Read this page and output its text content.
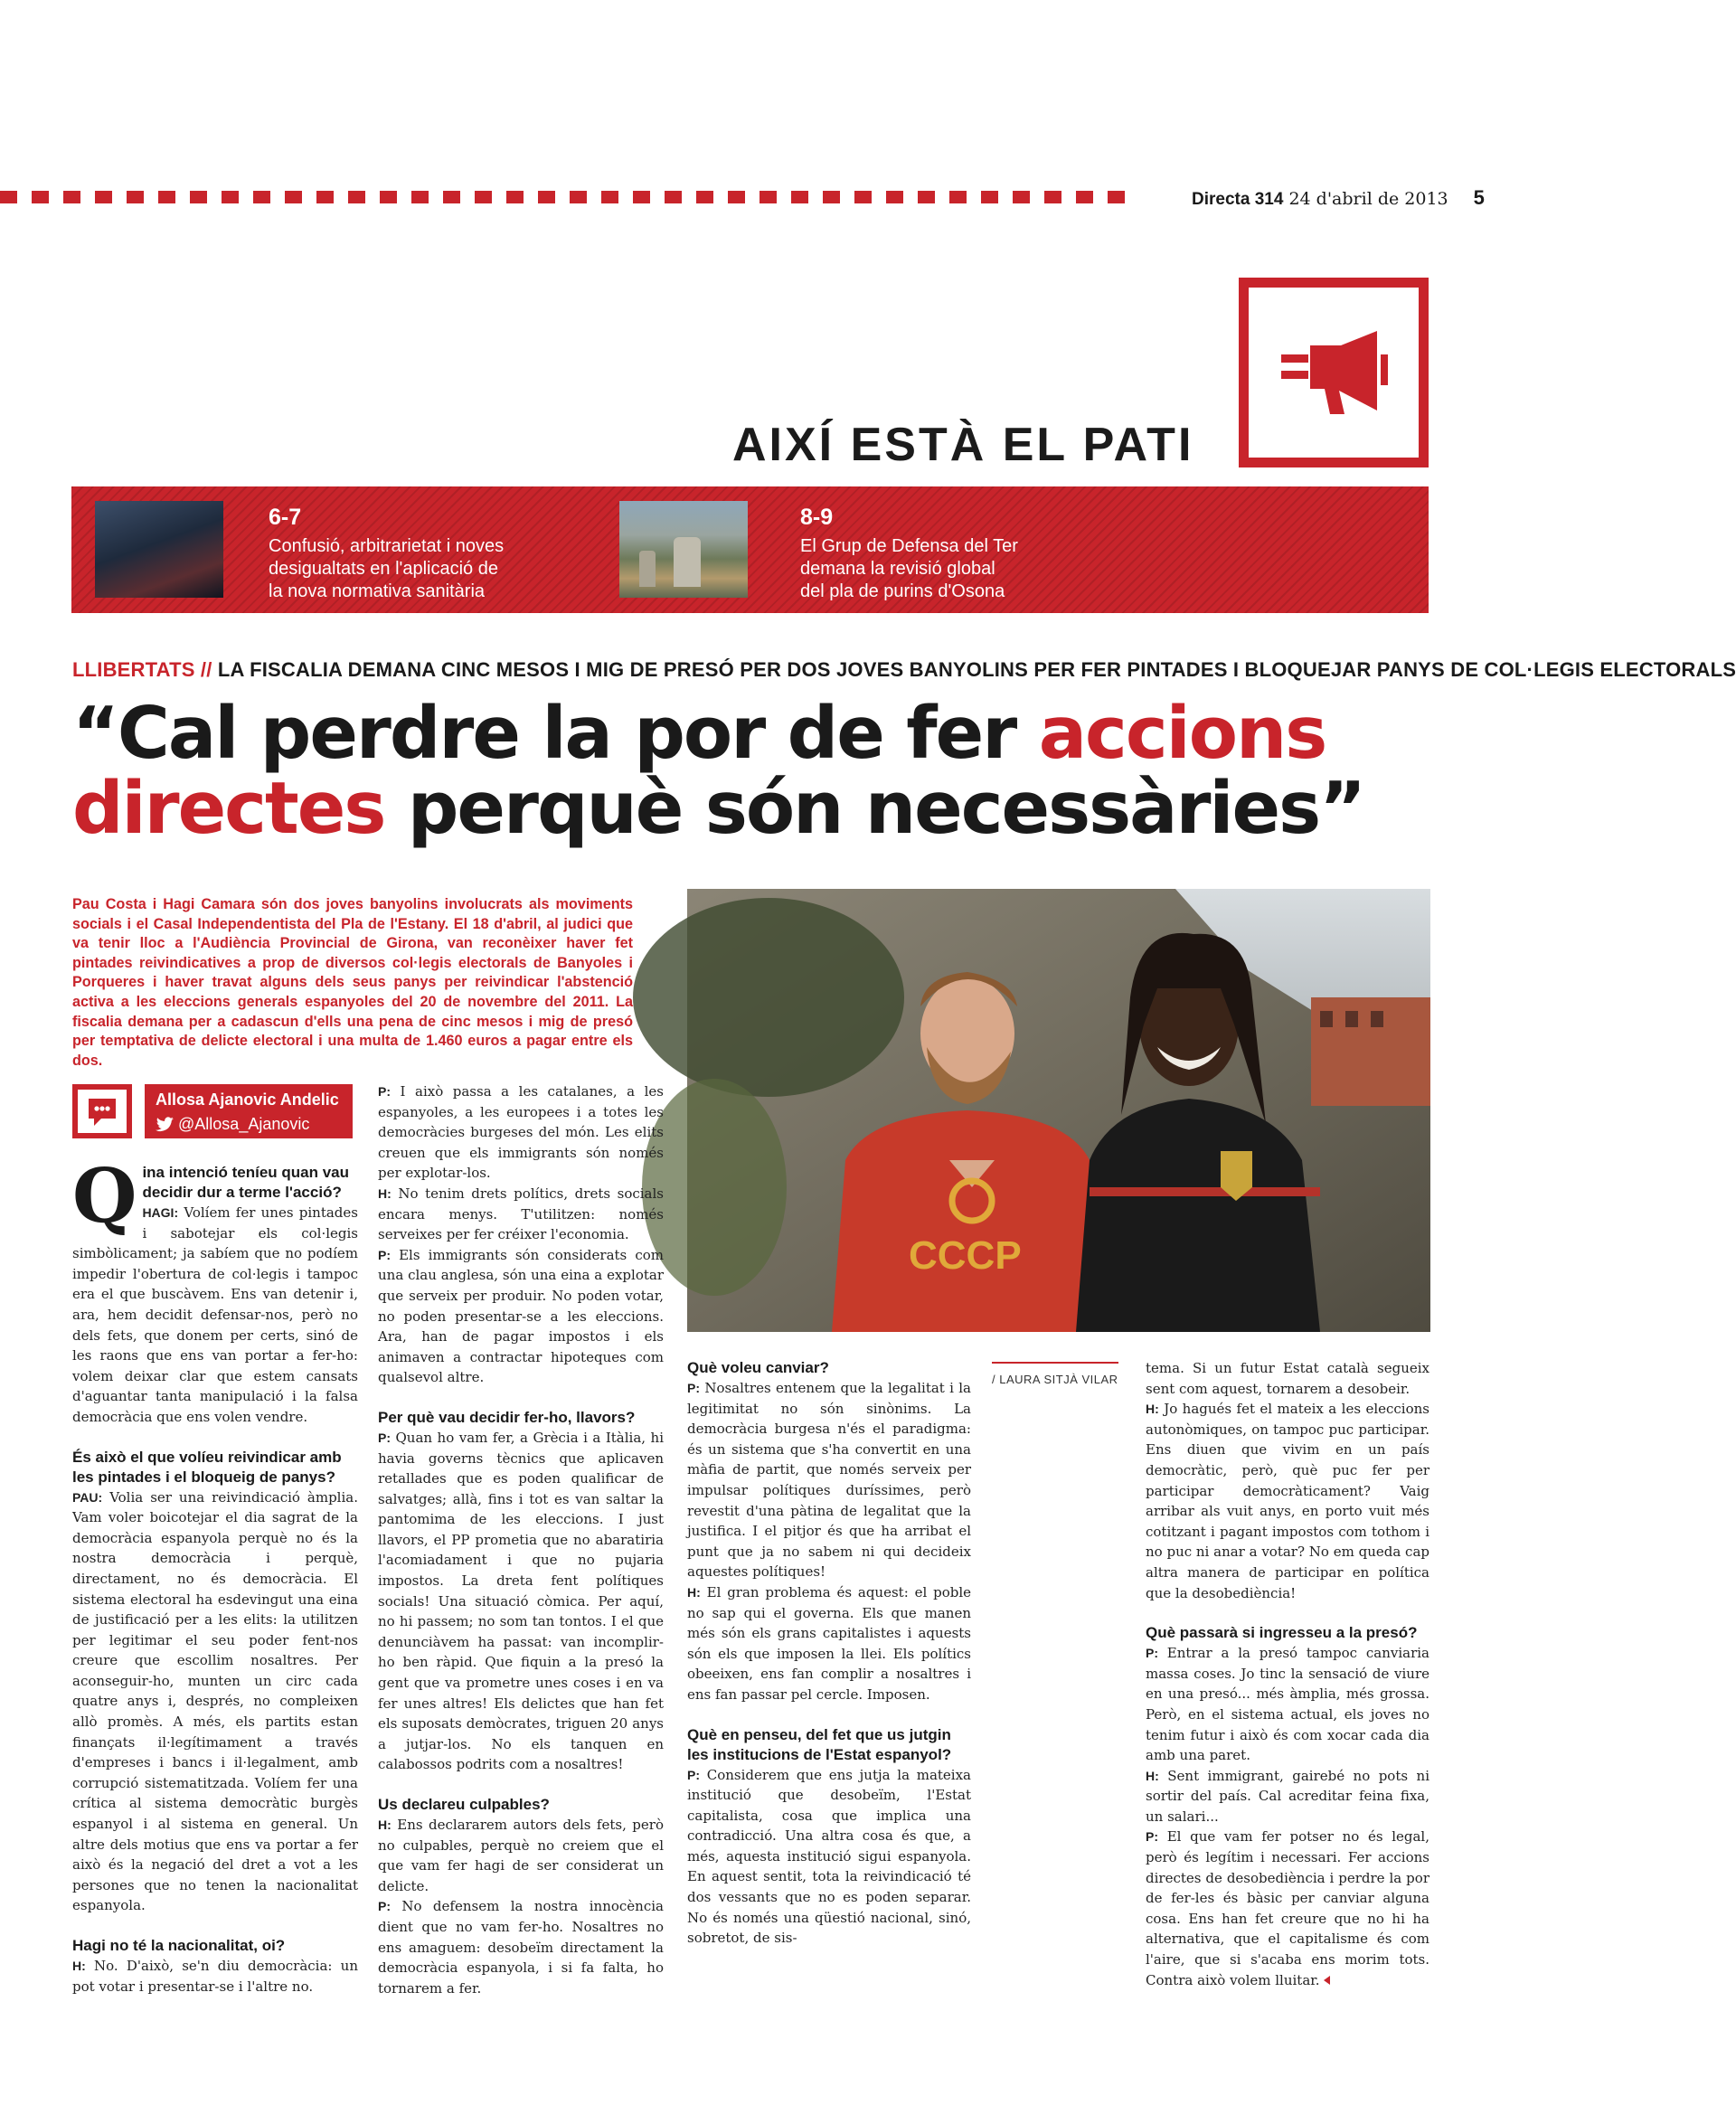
Directa 314 24 d'abril de 2013 5
AIXÍ ESTÀ EL PATI
6-7
Confusió, arbitrarietat i noves
desigualtats en l'aplicació de
la nova normativa sanitària
8-9
El Grup de Defensa del Ter
demana la revisió global
del pla de purins d'Osona
LLIBERTATS // LA FISCALIA DEMANA CINC MESOS I MIG DE PRESÓ PER DOS JOVES BANYOLINS PER FER PINTADES I BLOQUEJAR PANYS DE COL·LEGIS ELECTORALS
“Cal perdre la por de fer accions
directes perquè són necessàries”

Pau Costa i Hagi Camara són dos joves banyolins involucrats als moviments socials i el Casal Independentista del Pla de l'Estany. El 18 d'abril, al judici que va tenir lloc a l'Audiència Provincial de Girona, van reconèixer haver fet pintades reivindicatives a prop de diversos col·legis electorals de Banyoles i Porqueres i haver travat alguns dels seus panys per reivindicar l'abstenció activa a les eleccions generals espanyoles del 20 de novembre del 2011. La fiscalia demana per a cadascun d'ells una pena de cinc mesos i mig de presó per temptativa de delicte electoral i una multa de 1.460 euros a pagar entre els dos.

CCCP
/ LAURA SITJÀ VILAR
Allosa Ajanovic Andelic
@Allosa_Ajanovic
Q ina intenció teníeu quan vau decidir dur a terme l'acció?

HAGI: Volíem fer unes pintades i sabotejar els col·legis simbòlicament; ja sabíem que no podíem impedir l'obertura de col·legis i tampoc era el que buscàvem. Ens van detenir i, ara, hem decidit defensar-nos, però no dels fets, que donem per certs, sinó de les raons que ens van portar a fer-ho: volem deixar clar que estem cansats d'aguantar tanta manipulació i la falsa democràcia que ens volen vendre.

És això el que volíeu reivindicar amb les pintades i el bloqueig de panys?

PAU: Volia ser una reivindicació àmplia. Vam voler boicotejar el dia sagrat de la democràcia espanyola perquè no és la nostra democràcia i perquè, directament, no és democràcia. El sistema electoral ha esdevingut una eina de justificació per a les elits: la utilitzen per legitimar el seu poder fent-nos creure que escollim nosaltres. Per aconseguir-ho, munten un circ cada quatre anys i, després, no compleixen allò promès. A més, els partits estan finançats il·legítimament a través d'empreses i bancs i il·legalment, amb corrupció sistematitzada. Volíem fer una crítica al sistema democràtic burgès espanyol i al sistema en general. Un altre dels motius que ens va portar a fer això és la negació del dret a vot a les persones que no tenen la nacionalitat espanyola.

Hagi no té la nacionalitat, oi?

H: No. D'això, se'n diu democràcia: un pot votar i presentar-se i l'altre no.

P: I això passa a les catalanes, a les espanyoles, a les europees i a totes les democràcies burgeses del món. Les elits creuen que els immigrants són només per explotar-los.

H: No tenim drets polítics, drets socials encara menys. T'utilitzen: només serveixes per fer créixer l'economia.

P: Els immigrants són considerats com una clau anglesa, són una eina a explotar que serveix per produir. No poden votar, no poden presentar-se a les eleccions. Ara, han de pagar impostos i els animaven a contractar hipoteques com qualsevol altre.

Per què vau decidir fer-ho, llavors?

P: Quan ho vam fer, a Grècia i a Itàlia, hi havia governs tècnics que aplicaven retallades que es poden qualificar de salvatges; allà, fins i tot es van saltar la pantomima de les eleccions. I just llavors, el PP prometia que no abaratiria l'acomiadament i que no pujaria impostos. La dreta fent polítiques socials! Una situació còmica. Per aquí, no hi passem; no som tan tontos. I el que denunciàvem ha passat: van incomplir-ho ben ràpid. Que fiquin a la presó la gent que va prometre unes coses i en va fer unes altres! Els delictes que han fet els suposats demòcrates, triguen 20 anys a jutjar-los. No els tanquen en calabossos podrits com a nosaltres!

Us declareu culpables?

H: Ens declararem autors dels fets, però no culpables, perquè no creiem que el que vam fer hagi de ser considerat un delicte.

P: No defensem la nostra innocència dient que no vam fer-ho. Nosaltres no ens amaguem: desobeïm directament la democràcia espanyola, i si fa falta, ho tornarem a fer.

Què voleu canviar?

P: Nosaltres entenem que la legalitat i la legitimitat no són sinònims. La democràcia burgesa n'és el paradigma: és un sistema que s'ha convertit en una màfia de partit, que només serveix per impulsar polítiques duríssimes, però revestit d'una pàtina de legalitat que la justifica. I el pitjor és que ha arribat el punt que ja no sabem ni qui decideix aquestes polítiques!

H: El gran problema és aquest: el poble no sap qui el governa. Els que manen més són els grans capitalistes i aquests són els que imposen la llei. Els polítics obeeixen, ens fan complir a nosaltres i ens fan passar pel cercle. Imposen.

Què en penseu, del fet que us jutgin les institucions de l'Estat espanyol?

P: Considerem que ens jutja la mateixa institució que desobeïm, l'Estat capitalista, cosa que implica una contradicció. Una altra cosa és que, a més, aquesta institució sigui espanyola. En aquest sentit, tota la reivindicació té dos vessants que no es poden separar. No és només una qüestió nacional, sinó, sobretot, de sis-

tema. Si un futur Estat català segueix sent com aquest, tornarem a desobeir.

H: Jo hagués fet el mateix a les eleccions autonòmiques, on tampoc puc participar. Ens diuen que vivim en un país democràtic, però, què puc fer per participar democràticament? Vaig arribar als vuit anys, en porto vuit més cotitzant i pagant impostos com tothom i no puc ni anar a votar? No em queda cap altra manera de participar en política que la desobediència!

Què passarà si ingresseu a la presó?

P: Entrar a la presó tampoc canviaria massa coses. Jo tinc la sensació de viure en una presó... més àmplia, més grossa. Però, en el sistema actual, els joves no tenim futur i això és com xocar cada dia amb una paret.

H: Sent immigrant, gairebé no pots ni sortir del país. Cal acreditar feina fixa, un salari...

P: El que vam fer potser no és legal, però és legítim i necessari. Fer accions directes de desobediència i perdre la por de fer-les és bàsic per canviar alguna cosa. Ens han fet creure que no hi ha alternativa, que el capitalisme és com l'aire, que si s'acaba ens morim tots. Contra això volem lluitar.
